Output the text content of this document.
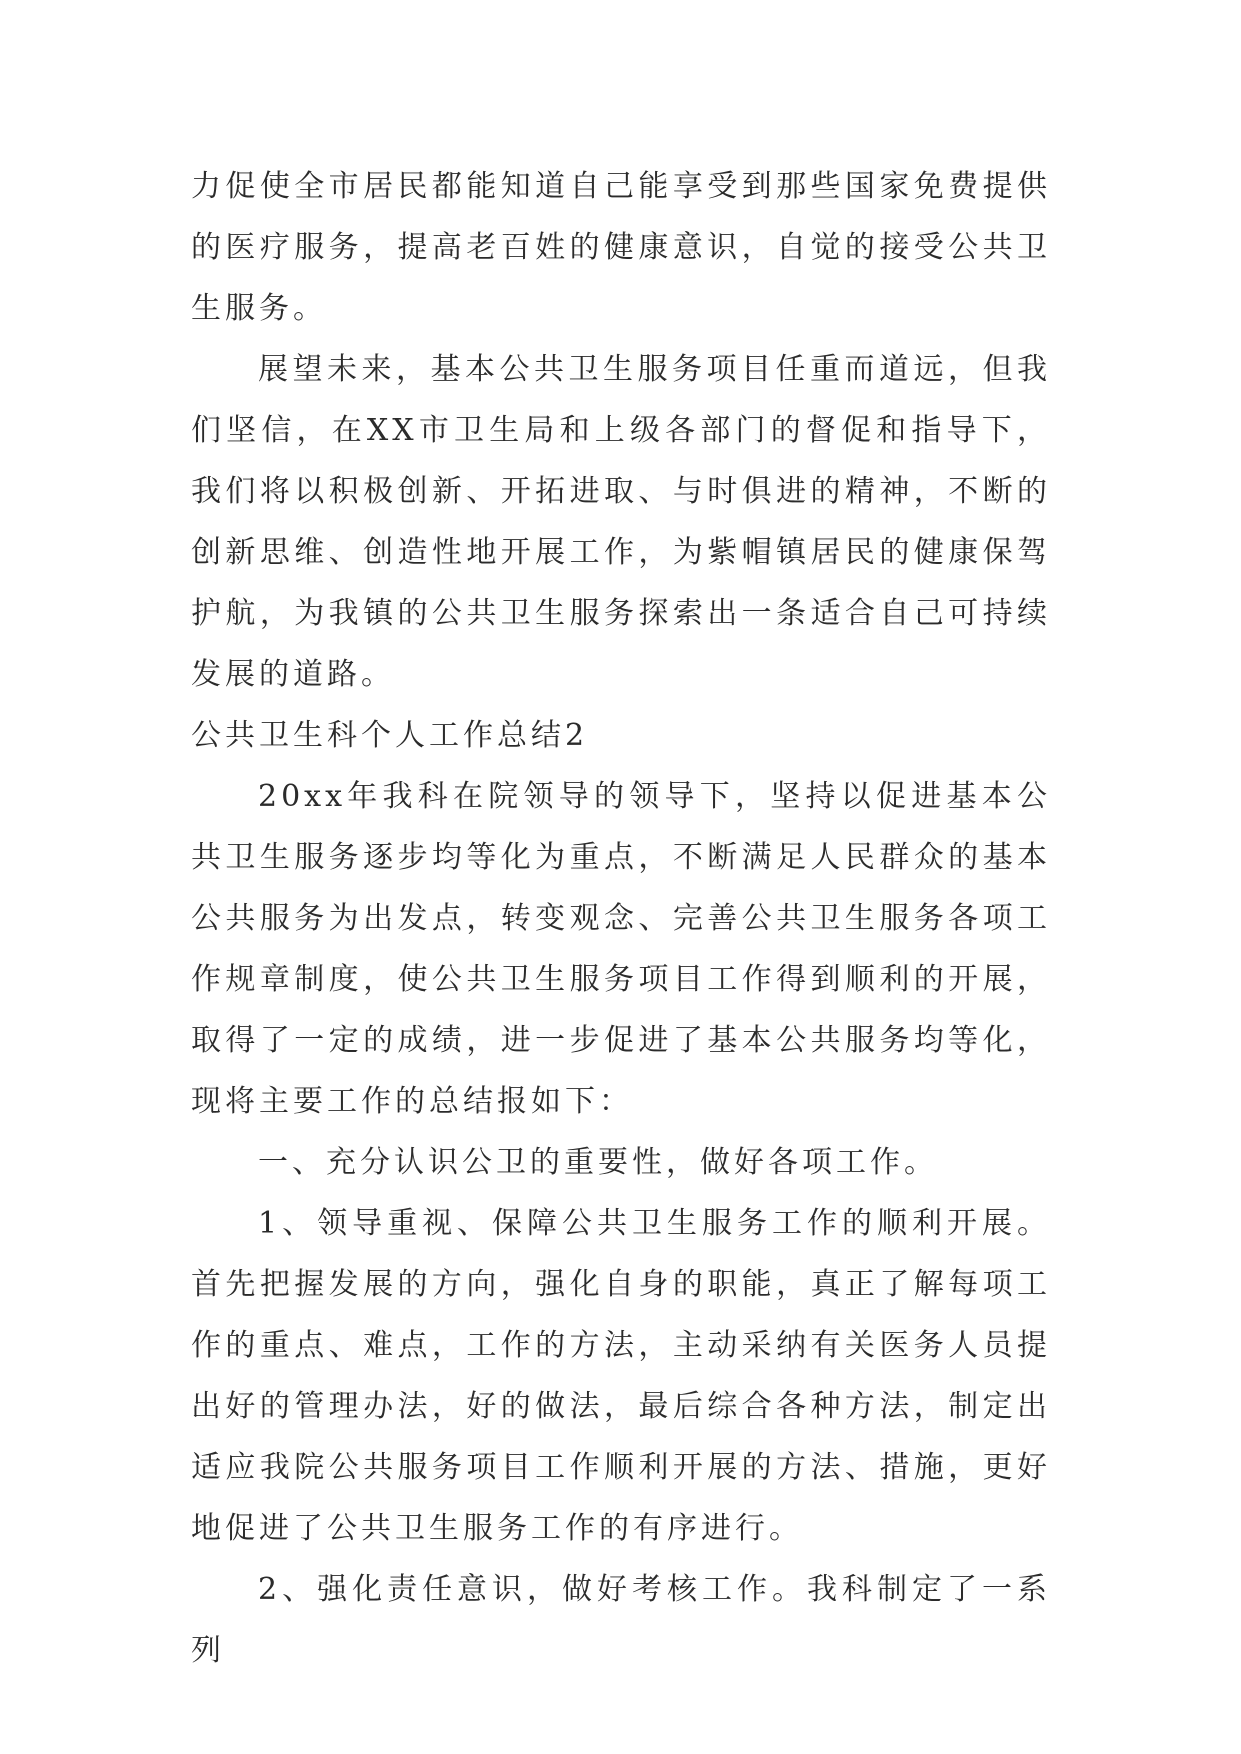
力促使全市居民都能知道自己能享受到那些国家免费提供的医疗服务，提高老百姓的健康意识，自觉的接受公共卫生服务。

展望未来，基本公共卫生服务项目任重而道远，但我们坚信，在XX市卫生局和上级各部门的督促和指导下，我们将以积极创新、开拓进取、与时俱进的精神，不断的创新思维、创造性地开展工作，为紫帽镇居民的健康保驾护航，为我镇的公共卫生服务探索出一条适合自己可持续发展的道路。

公共卫生科个人工作总结2

20xx年我科在院领导的领导下，坚持以促进基本公共卫生服务逐步均等化为重点，不断满足人民群众的基本公共服务为出发点，转变观念、完善公共卫生服务各项工作规章制度，使公共卫生服务项目工作得到顺利的开展，取得了一定的成绩，进一步促进了基本公共服务均等化，现将主要工作的总结报如下：

一、充分认识公卫的重要性，做好各项工作。

1、领导重视、保障公共卫生服务工作的顺利开展。首先把握发展的方向，强化自身的职能，真正了解每项工作的重点、难点，工作的方法，主动采纳有关医务人员提出好的管理办法，好的做法，最后综合各种方法，制定出适应我院公共服务项目工作顺利开展的方法、措施，更好地促进了公共卫生服务工作的有序进行。

2、强化责任意识，做好考核工作。我科制定了一系列
